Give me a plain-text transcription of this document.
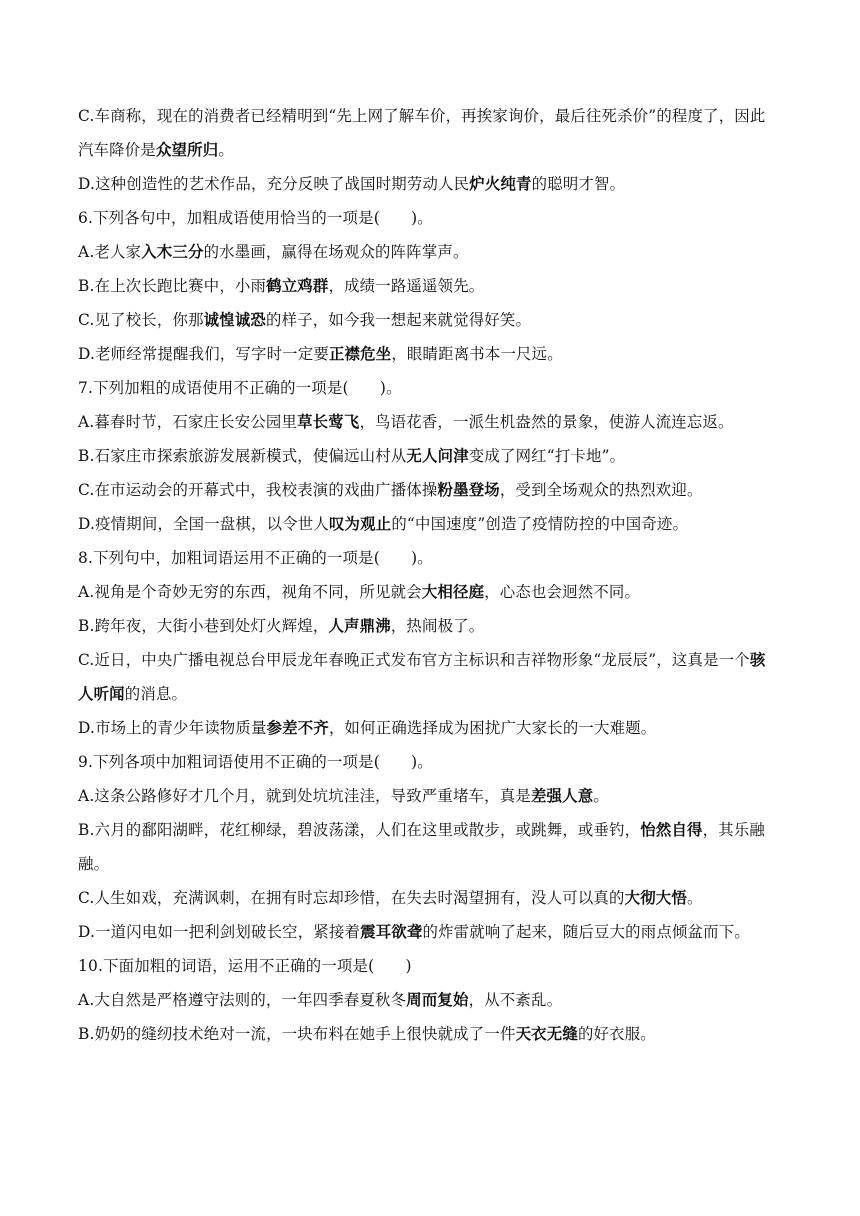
C.车商称，现在的消费者已经精明到“先上网了解车价，再挨家询价，最后往死杀价”的程度了，因此汽车降价是众望所归。
D.这种创造性的艺术作品，充分反映了战国时期劳动人民炉火纯青的聪明才智。
6.下列各句中，加粗成语使用恰当的一项是(　　)。
A.老人家入木三分的水墨画，赢得在场观众的阵阵掌声。
B.在上次长跑比赛中，小雨鹤立鸡群，成绩一路遥遥领先。
C.见了校长，你那诚惶诚恐的样子，如今我一想起来就觉得好笑。
D.老师经常提醒我们，写字时一定要正襟危坐，眼睛距离书本一尺远。
7.下列加粗的成语使用不正确的一项是(　　)。
A.暮春时节，石家庄长安公园里草长莺飞，鸟语花香，一派生机盎然的景象，使游人流连忘返。
B.石家庄市探索旅游发展新模式，使偏远山村从无人问津变成了网红“打卡地”。
C.在市运动会的开幕式中，我校表演的戏曲广播体操粉墨登场，受到全场观众的热烈欢迎。
D.疫情期间，全国一盘棋，以令世人叹为观止的“中国速度”创造了疫情防控的中国奇迹。
8.下列句中，加粗词语运用不正确的一项是(　　)。
A.视角是个奇妙无穷的东西，视角不同，所见就会大相径庭，心态也会迥然不同。
B.跨年夜，大街小巷到处灯火辉煌，人声鼎沸，热闹极了。
C.近日，中央广播电视总台甲辰龙年春晚正式发布官方主标识和吉祥物形象“龙辰辰”，这真是一个骇人听闻的消息。
D.市场上的青少年读物质量参差不齐，如何正确选择成为困扰广大家长的一大难题。
9.下列各项中加粗词语使用不正确的一项是(　　)。
A.这条公路修好才几个月，就到处坑坑洼洼，导致严重堵车，真是差强人意。
B.六月的鄱阳湖畔，花红柳绿，碧波荡漾，人们在这里或散步，或跳舞，或垂钓，怡然自得，其乐融融。
C.人生如戏，充满讽刺，在拥有时忘却珍惜，在失去时渴望拥有，没人可以真的大彻大悟。
D.一道闪电如一把利剑划破长空，紧接着震耳欲聋的炸雷就响了起来，随后豆大的雨点倾盆而下。
10.下面加粗的词语，运用不正确的一项是(　　)
A.大自然是严格遵守法则的，一年四季春夏秋冬周而复始，从不紊乱。
B.奶奶的缝纫技术绝对一流，一块布料在她手上很快就成了一件天衣无缝的好衣服。
